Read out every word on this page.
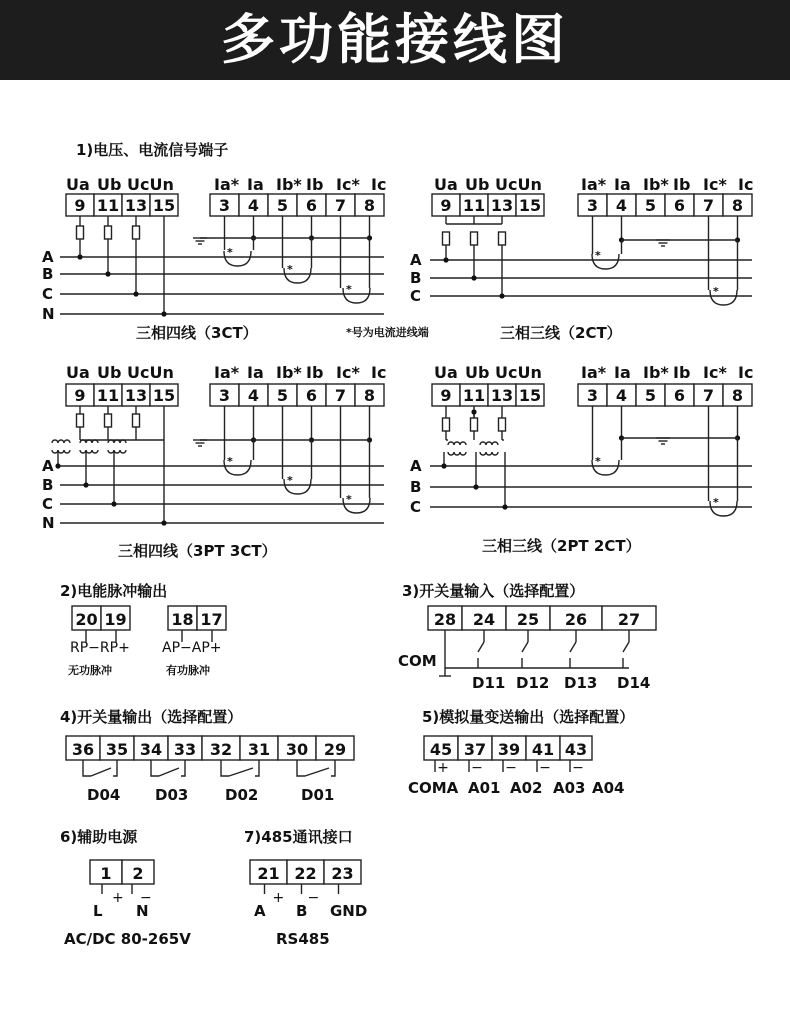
多功能接线图
1)电压、电流信号端子
Ua Ub UcUn	Ia* Ia Ib* Ib Ic* Ic
9 11 13 15	3 4 5 6 7 8
A
B
C
N
*
*
*
三相四线（3CT）
Ua Ub UcUn Ia* Ia Ib* Ib Ic* Ic
9 11 13 15	3 4 5 6 7 8
A
B
C
*
*
三相三线（2CT）
*号为电流进线端
Ua Ub UcUn	Ia* Ia Ib* Ib Ic* Ic
9 11 13 15	3 4 5 6 7 8
A
B
C
N
*
*
*
三相四线（3PT 3CT）
Ua Ub UcUn Ia* Ia Ib* Ib Ic* Ic
9 11 13 15	3 4 5 6 7 8
A
B
C
*
*
三相三线（2PT 2CT）
2)电能脉冲输出
20 19	18 17
RP−RP+ AP−AP+
无功脉冲	有功脉冲
3)开关量输入（选择配置）
28 24 25 26 27
COM
D11 D12 D13 D14
4)开关量输出（选择配置）
36 35 34 33 32 31 30 29
D04 D03 D02	D01
5)模拟量变送输出（选择配置）
45 37 39 41 43
+ − − − −
COMA A01 A02 A03 A04
6)辅助电源
1 2
+ −
L N
AC/DC 80-265V
7)485通讯接口
21 22 23
+ −
A B GND
RS485
